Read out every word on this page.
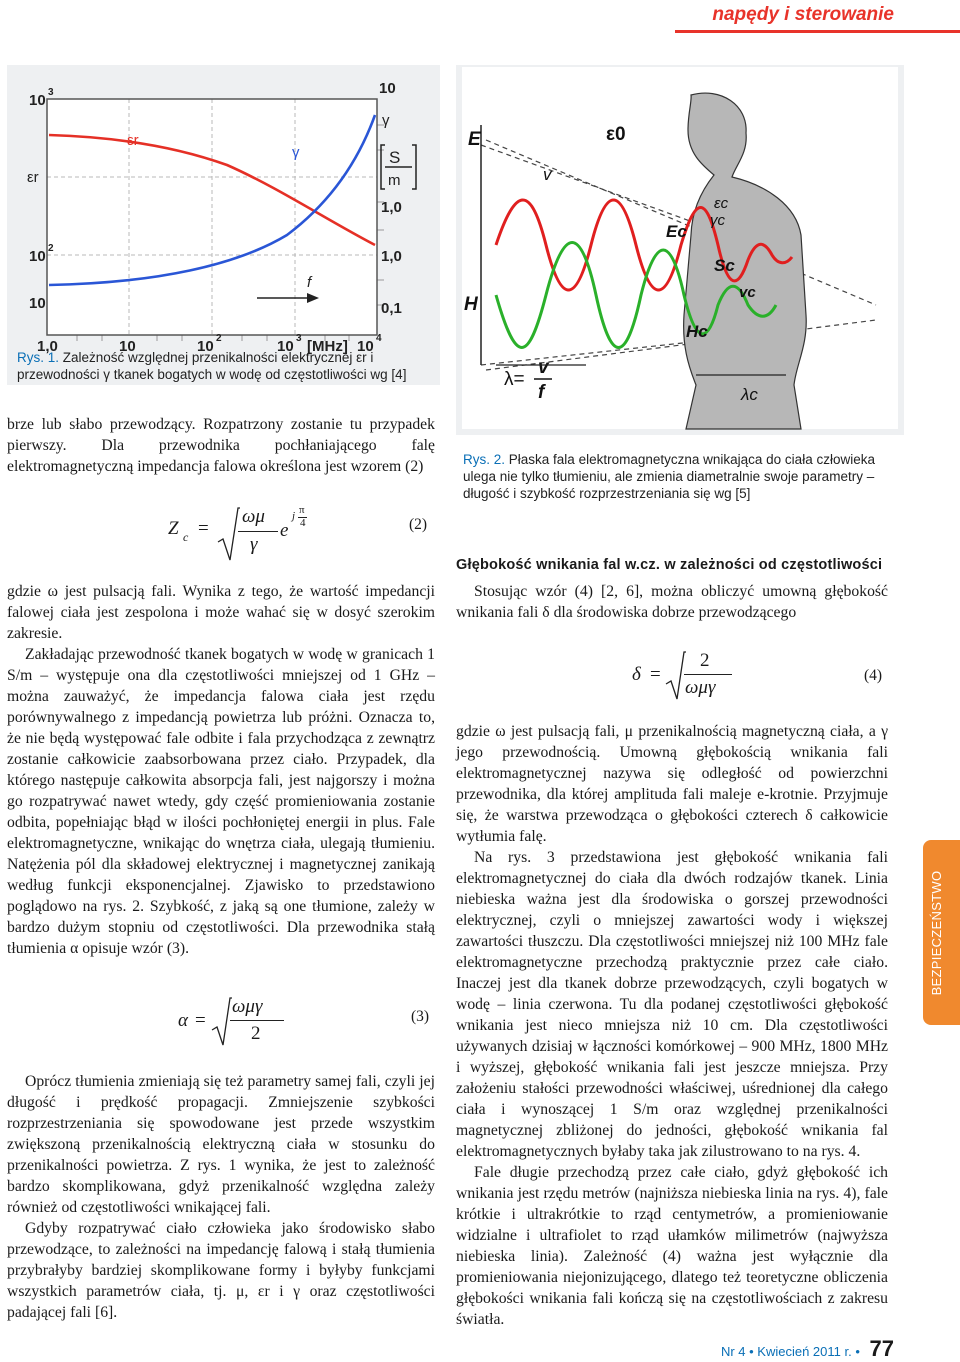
napędy i sterowanie
f
10 3
εr
10 2
10
10
γ
S
m
1,0
1,0
0,1
εr
γ
1,0	10	10 2	10 3 [MHz] 10 4
Rys. 1. Zależność względnej przenikalności elektrycznej εr i przewodności γ tkanek bogatych w wodę od częstotliwości wg [4]
E	ε0
v
Ec
εc
γc
Sc
vc
H
Hc
λc
λ=
v
f
Rys. 2. Płaska fala elektromagnetyczna wnikająca do ciała człowieka ulega nie tylko tłumieniu, ale zmienia diametralnie swoje parametry – długość i szybkość rozprzestrzeniania się wg [5]

brze lub słabo przewodzący. Rozpatrzony zostanie tu przypadek pierwszy. Dla przewodnika pochłaniającego falę elektromagnetyczną impedancja falowa określona jest wzorem (2)

Z c =
ωμ
γ
e
j π
4	(2)

gdzie ω jest pulsacją fali. Wynika z tego, że wartość impedancji falowej ciała jest zespolona i może wahać się w dosyć szerokim zakresie.

Zakładając przewodność tkanek bogatych w wodę w granicach 1 S/m – występuje ona dla częstotliwości mniejszej od 1 GHz – można zauważyć, że impedancja falowa ciała jest rzędu porównywalnego z impedancją powietrza lub próżni. Oznacza to, że nie będą występować fale odbite i fala przychodząca z zewnątrz zostanie całkowicie zaabsorbowana przez ciało. Przypadek, dla którego następuje całkowita absorpcja fali, jest najgorszy i można go rozpatrywać nawet wtedy, gdy część promieniowania zostanie odbita, popełniając błąd w ilości pochłoniętej energii in plus. Fale elektromagnetyczne, wnikając do wnętrza ciała, ulegają tłumieniu. Natężenia pól dla składowej elektrycznej i magnetycznej zanikają według funkcji eksponencjalnej. Zjawisko to przedstawiono poglądowo na rys. 2. Szybkość, z jaką są one tłumione, zależy w bardzo dużym stopniu od częstotliwości. Dla przewodnika stałą tłumienia α opisuje wzór (3).

α =
ωμγ
2
(3)

Oprócz tłumienia zmieniają się też parametry samej fali, czyli jej długość i prędkość propagacji. Zmniejszenie szybkości rozprzestrzeniania się spowodowane jest przede wszystkim zwiększoną przenikalnością elektryczną ciała w stosunku do przenikalności powietrza. Z rys. 1 wynika, że jest to zależność bardzo skomplikowana, gdyż przenikalność względna zależy również od częstotliwości wnikającej fali.

Gdyby rozpatrywać ciało człowieka jako środowisko słabo przewodzące, to zależności na impedancję falową i stałą tłumienia przybrałyby bardziej skomplikowane formy i byłyby funkcjami wszystkich parametrów ciała, tj. μ, εr i γ oraz częstotliwości padającej fali [6].

Głębokość wnikania fal w.cz. w zależności od częstotliwości

Stosując wzór (4) [2, 6], można obliczyć umowną głębokość wnikania fali δ dla środowiska dobrze przewodzącego

δ =
2
ωμγ
(4)

gdzie ω jest pulsacją fali, μ przenikalnością magnetyczną ciała, a γ jego przewodnością. Umowną głębokością wnikania fali elektromagnetycznej nazywa się odległość od powierzchni przewodnika, dla której amplituda fali maleje e-krotnie. Przyjmuje się, że warstwa przewodząca o głębokości czterech δ całkowicie wytłumia falę.

Na rys. 3 przedstawiona jest głębokość wnikania fali elektromagnetycznej do ciała dla dwóch rodzajów tkanek. Linia niebieska ważna jest dla środowiska o gorszej przewodności elektrycznej, czyli o mniejszej zawartości wody i większej zawartości tłuszczu. Dla częstotliwości mniejszej niż 100 MHz fale elektromagnetyczne przechodzą praktycznie przez całe ciało. Inaczej jest dla tkanek dobrze przewodzących, czyli bogatych w wodę – linia czerwona. Tu dla podanej częstotliwości głębokość wnikania jest nieco mniejsza niż 10 cm. Dla częstotliwości używanych dzisiaj w łączności komórkowej – 900 MHz, 1800 MHz i wyższej, głębokość wnikania fali jest jeszcze mniejsza. Przy założeniu stałości przewodności właściwej, uśrednionej dla całego ciała i wynoszącej 1 S/m oraz względnej przenikalności magnetycznej zbliżonej do jedności, głębokość wnikania fal elektromagnetycznych byłaby taka jak zilustrowano to na rys. 4.

Fale długie przechodzą przez całe ciało, gdyż głębokość ich wnikania jest rzędu metrów (najniższa niebieska linia na rys. 4), fale krótkie i ultrakrótkie to rząd centymetrów, a promieniowanie widzialne i ultrafiolet to rząd ułamków milimetrów (najwyższa niebieska linia). Zależność (4) ważna jest wyłącznie dla promieniowania niejonizującego, dlatego też teoretyczne obliczenia głębokości wnikania fali kończą się na częstotliwościach z zakresu światła.

BEZPIECZEŃSTWO
Nr 4 • Kwiecień 2011 r. • 77
